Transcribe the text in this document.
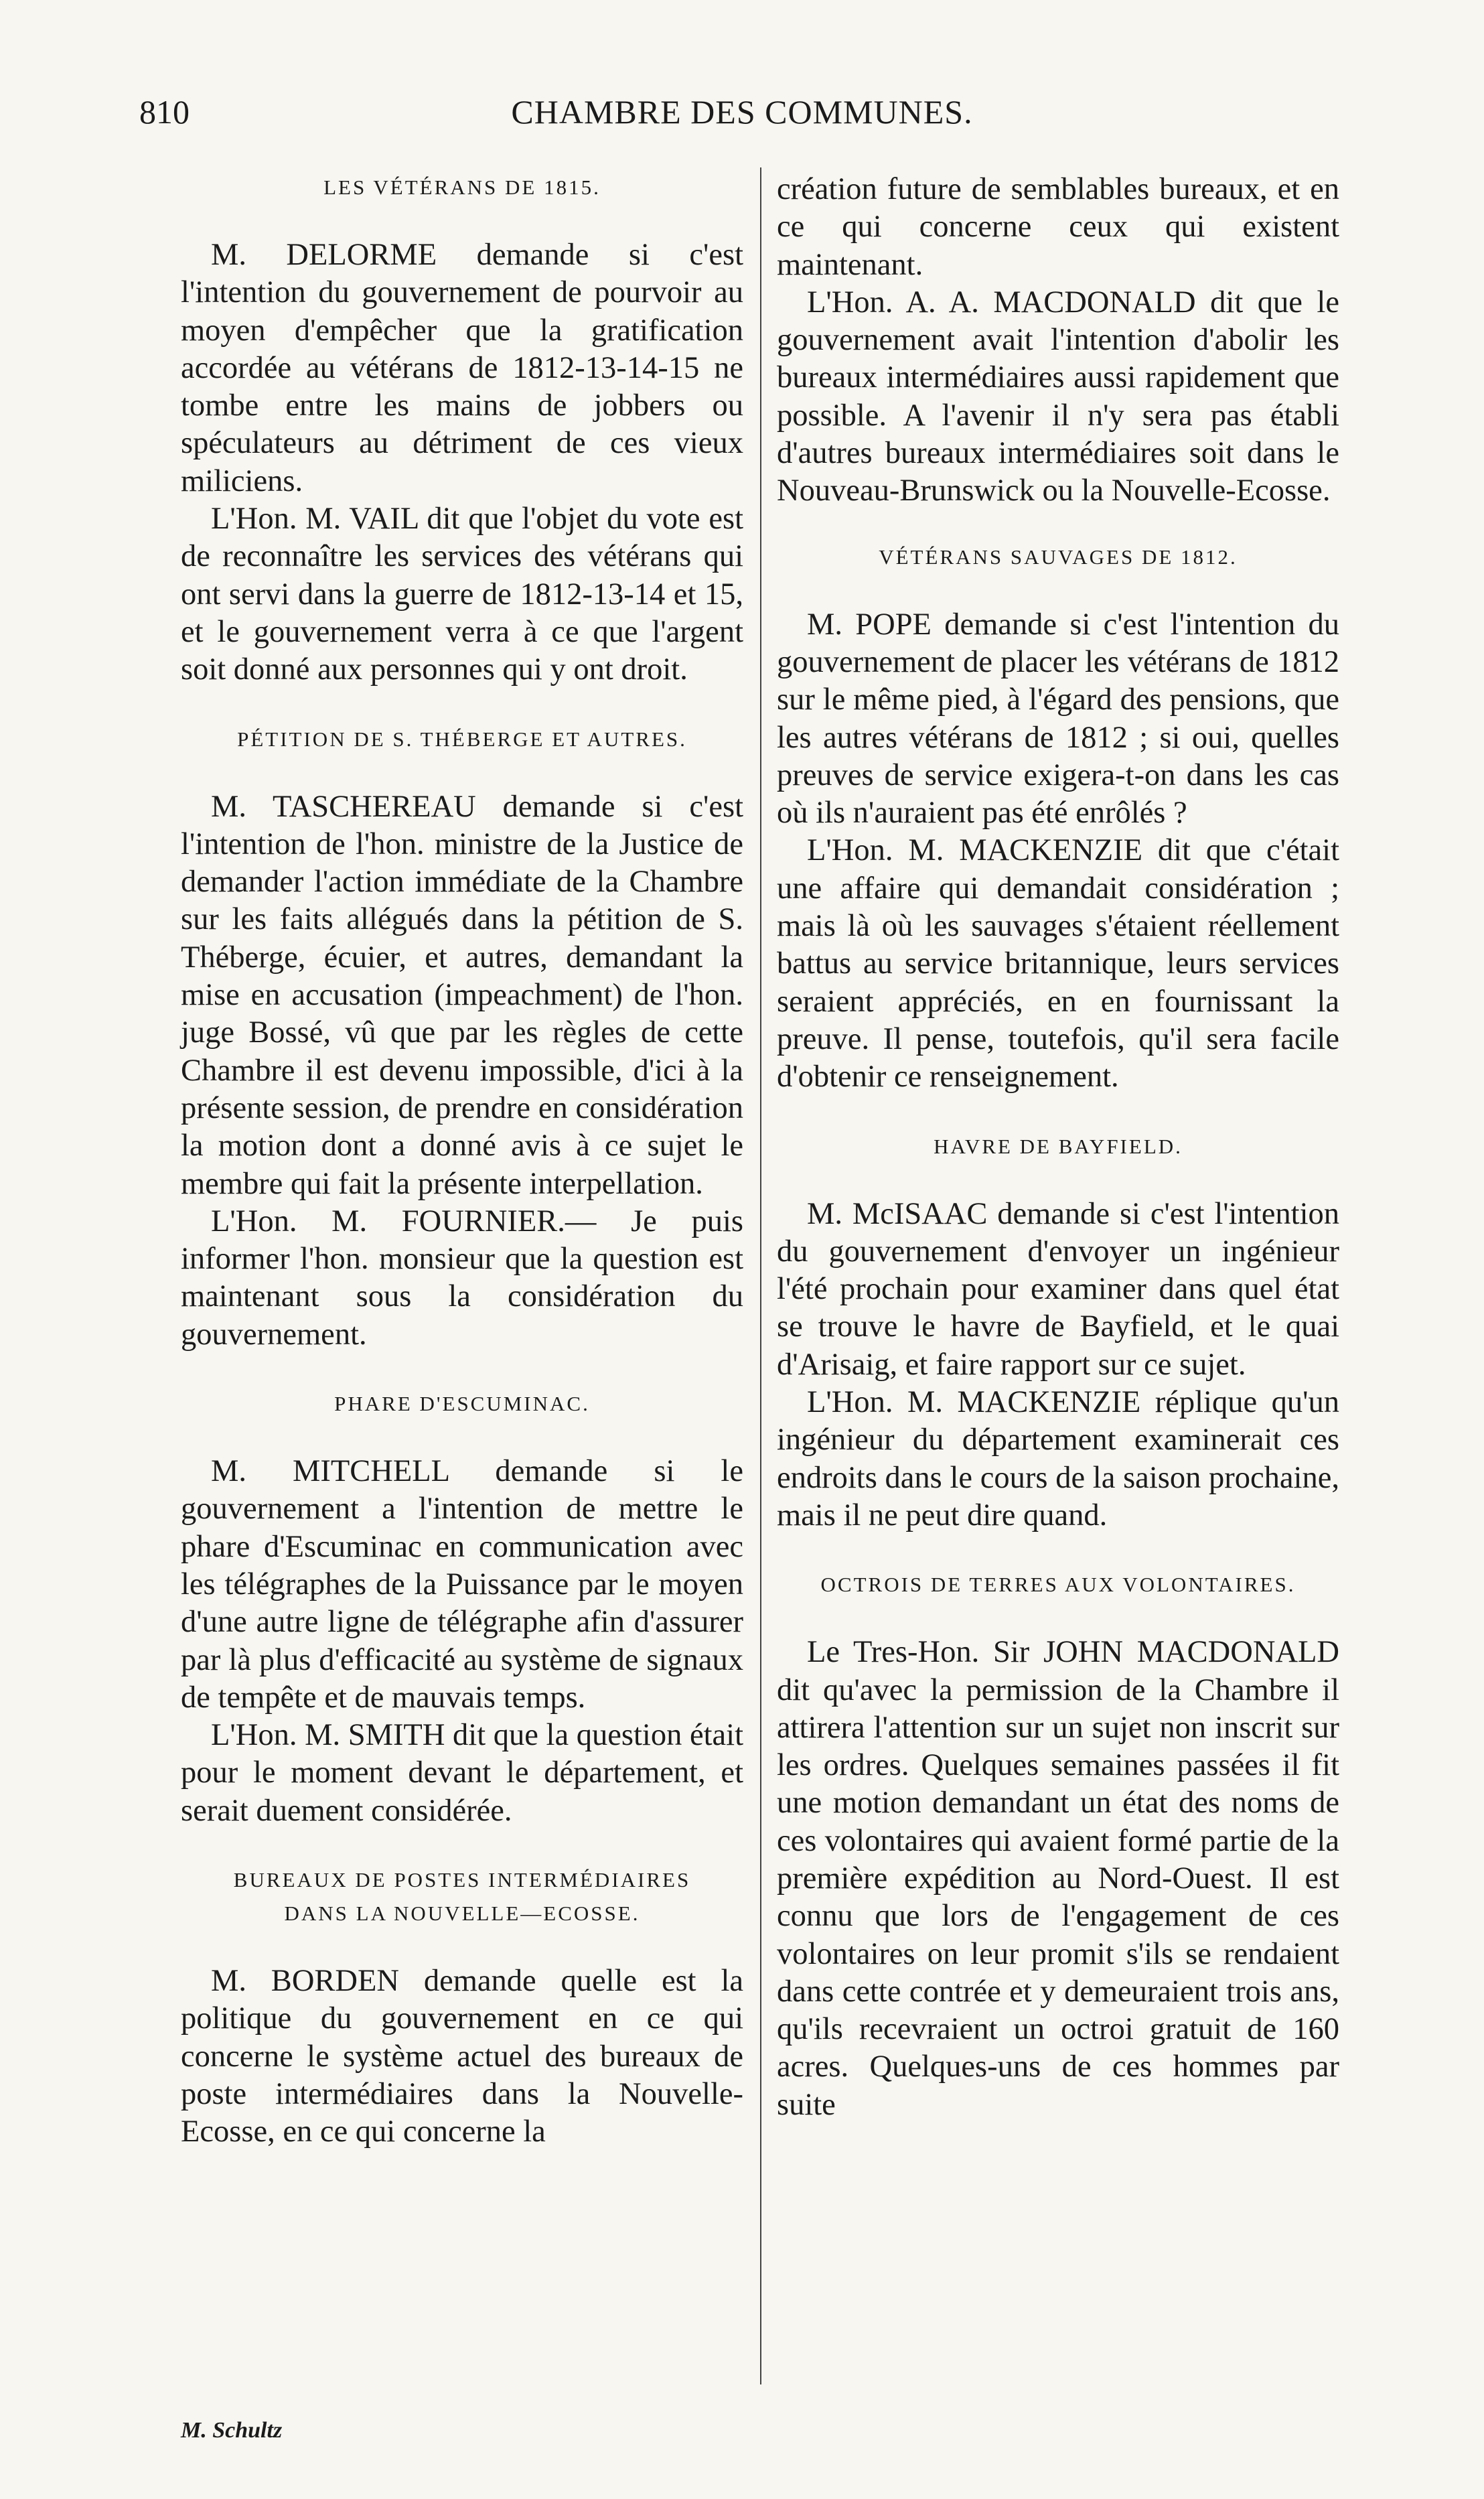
810	CHAMBRE DES COMMUNES.
LES VÉTÉRANS DE 1815.

M. DELORME demande si c'est l'intention du gouvernement de pourvoir au moyen d'empêcher que la gratification accordée au vétérans de 1812-13-14-15 ne tombe entre les mains de jobbers ou spéculateurs au détriment de ces vieux miliciens.

L'Hon. M. VAIL dit que l'objet du vote est de reconnaître les services des vétérans qui ont servi dans la guerre de 1812-13-14 et 15, et le gouvernement verra à ce que l'argent soit donné aux personnes qui y ont droit.

PÉTITION DE S. THÉBERGE ET AUTRES.

M. TASCHEREAU demande si c'est l'intention de l'hon. ministre de la Justice de demander l'action immédiate de la Chambre sur les faits allégués dans la pétition de S. Théberge, écuier, et autres, demandant la mise en accusation (impeachment) de l'hon. juge Bossé, vû que par les règles de cette Chambre il est devenu impossible, d'ici à la présente session, de prendre en considération la motion dont a donné avis à ce sujet le membre qui fait la présente interpellation.

L'Hon. M. FOURNIER.— Je puis informer l'hon. monsieur que la question est maintenant sous la considération du gouvernement.

PHARE D'ESCUMINAC.

M. MITCHELL demande si le gouvernement a l'intention de mettre le phare d'Escuminac en communication avec les télégraphes de la Puissance par le moyen d'une autre ligne de télégraphe afin d'assurer par là plus d'efficacité au système de signaux de tempête et de mauvais temps.

L'Hon. M. SMITH dit que la question était pour le moment devant le département, et serait duement considérée.

BUREAUX DE POSTES INTERMÉDIAIRES DANS LA NOUVELLE—ECOSSE.

M. BORDEN demande quelle est la politique du gouvernement en ce qui concerne le système actuel des bureaux de poste intermédiaires dans la Nouvelle-Ecosse, en ce qui concerne la

création future de semblables bureaux, et en ce qui concerne ceux qui existent maintenant.

L'Hon. A. A. MACDONALD dit que le gouvernement avait l'intention d'abolir les bureaux intermédiaires aussi rapidement que possible. A l'avenir il n'y sera pas établi d'autres bureaux intermédiaires soit dans le Nouveau-Brunswick ou la Nouvelle-Ecosse.

VÉTÉRANS SAUVAGES DE 1812.

M. POPE demande si c'est l'intention du gouvernement de placer les vétérans de 1812 sur le même pied, à l'égard des pensions, que les autres vétérans de 1812 ; si oui, quelles preuves de service exigera-t-on dans les cas où ils n'auraient pas été enrôlés ?

L'Hon. M. MACKENZIE dit que c'était une affaire qui demandait considération ; mais là où les sauvages s'étaient réellement battus au service britannique, leurs services seraient appréciés, en en fournissant la preuve. Il pense, toutefois, qu'il sera facile d'obtenir ce renseignement.

HAVRE DE BAYFIELD.

M. McISAAC demande si c'est l'intention du gouvernement d'envoyer un ingénieur l'été prochain pour examiner dans quel état se trouve le havre de Bayfield, et le quai d'Arisaig, et faire rapport sur ce sujet.

L'Hon. M. MACKENZIE réplique qu'un ingénieur du département examinerait ces endroits dans le cours de la saison prochaine, mais il ne peut dire quand.

OCTROIS DE TERRES AUX VOLONTAIRES.

Le Tres-Hon. Sir JOHN MACDONALD dit qu'avec la permission de la Chambre il attirera l'attention sur un sujet non inscrit sur les ordres. Quelques semaines passées il fit une motion demandant un état des noms de ces volontaires qui avaient formé partie de la première expédition au Nord-Ouest. Il est connu que lors de l'engagement de ces volontaires on leur promit s'ils se rendaient dans cette contrée et y demeuraient trois ans, qu'ils recevraient un octroi gratuit de 160 acres. Quelques-uns de ces hommes par suite

M. Schultz
